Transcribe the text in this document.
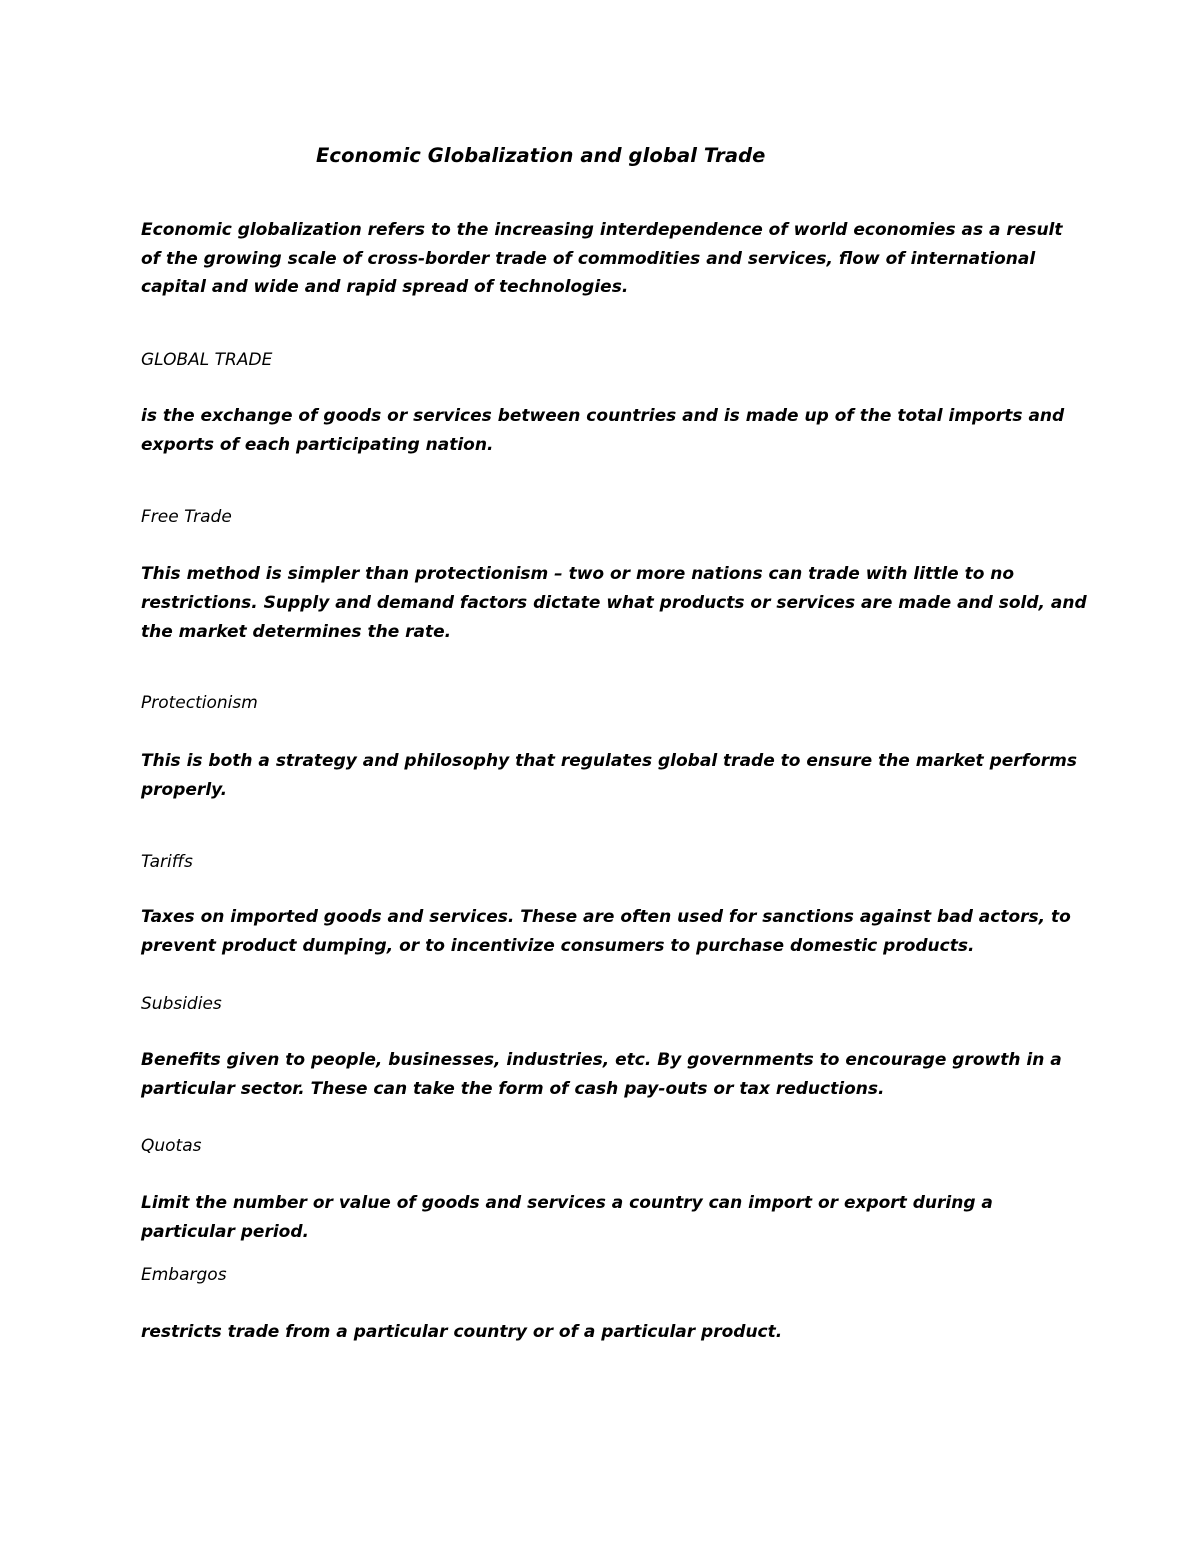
Economic Globalization and global Trade
Economic globalization refers to the increasing interdependence of world economies as a result
of the growing scale of cross-border trade of commodities and services, flow of international
capital and wide and rapid spread of technologies.
GLOBAL TRADE
is the exchange of goods or services between countries and is made up of the total imports and
exports of each participating nation.
Free Trade
This method is simpler than protectionism – two or more nations can trade with little to no
restrictions. Supply and demand factors dictate what products or services are made and sold, and
the market determines the rate.
Protectionism
This is both a strategy and philosophy that regulates global trade to ensure the market performs
properly.
Tariffs
Taxes on imported goods and services. These are often used for sanctions against bad actors, to
prevent product dumping, or to incentivize consumers to purchase domestic products.
Subsidies
Benefits given to people, businesses, industries, etc. By governments to encourage growth in a
particular sector. These can take the form of cash pay-outs or tax reductions.
Quotas
Limit the number or value of goods and services a country can import or export during a
particular period.
Embargos
restricts trade from a particular country or of a particular product.
